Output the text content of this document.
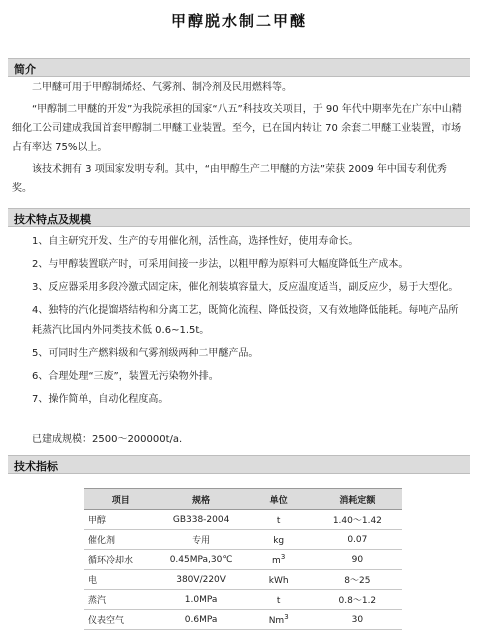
甲醇脱水制二甲醚
简介

二甲醚可用于甲醇制烯烃、气雾剂、制冷剂及民用燃料等。

“甲醇制二甲醚的开发”为我院承担的国家“八五”科技攻关项目，于 90 年代中期率先在广东中山精细化工公司建成我国首套甲醇制二甲醚工业装置。至今，已在国内转让 70 余套二甲醚工业装置，市场占有率达 75%以上。

该技术拥有 3 项国家发明专利。其中，“由甲醇生产二甲醚的方法”荣获 2009 年中国专利优秀奖。

技术特点及规模
1、自主研究开发、生产的专用催化剂，活性高，选择性好，使用寿命长。
2、与甲醇装置联产时，可采用间接一步法，以粗甲醇为原料可大幅度降低生产成本。
3、反应器采用多段冷激式固定床，催化剂装填容量大，反应温度适当，副反应少，易于大型化。
4、独特的汽化提馏塔结构和分离工艺，既简化流程、降低投资，又有效地降低能耗。每吨产品所耗蒸汽比国内外同类技术低 0.6~1.5t。
5、可同时生产燃料级和气雾剂级两种二甲醚产品。
6、合理处理“三废”，装置无污染物外排。
7、操作简单，自动化程度高。
已建成规模：2500～200000t/a.
技术指标
项目	规格	单位	消耗定额
甲醇	GB338-2004	t	1.40～1.42
催化剂	专用	kg	0.07
循环冷却水	0.45MPa,30℃	$m^3$	90
电	380V/220V	kWh	8～25
蒸汽	1.0MPa	t	0.8～1.2
仪表空气	0.6MPa	Nm$^3$	30
